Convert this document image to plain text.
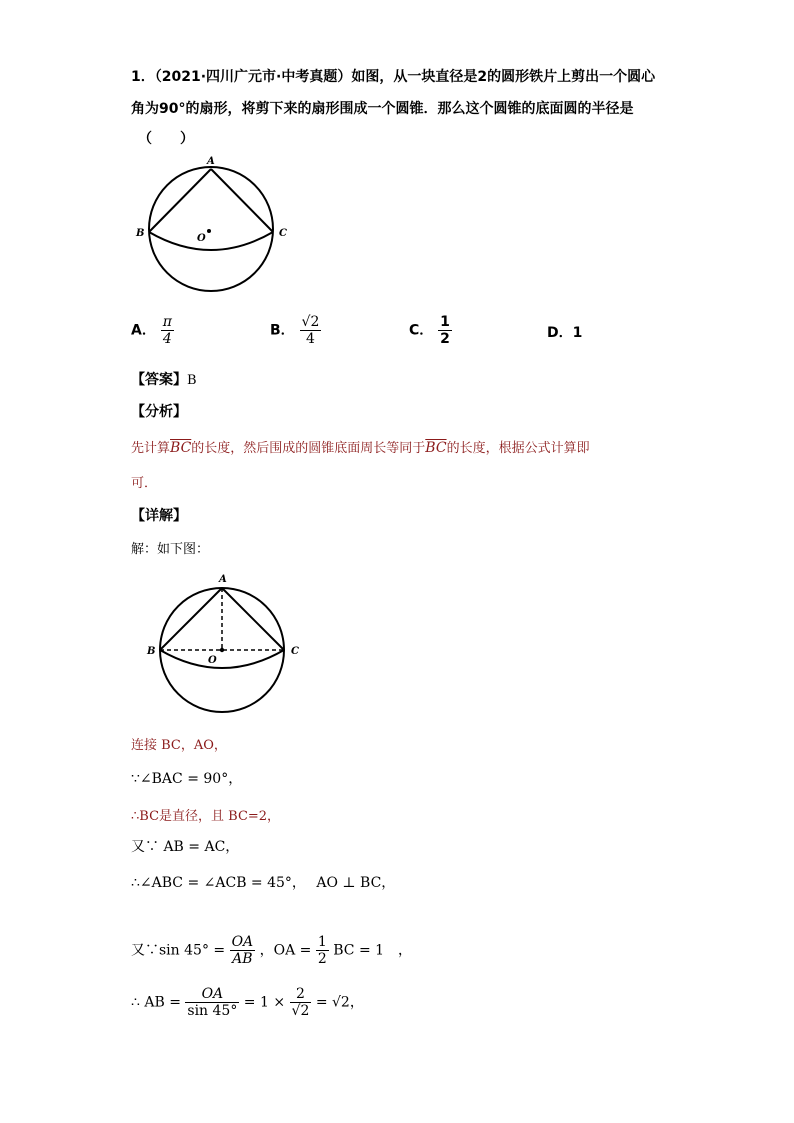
1．（2021·四川广元市·中考真题）如图，从一块直径是2的圆形铁片上剪出一个圆心
角为90°的扇形，将剪下来的扇形围成一个圆锥．那么这个圆锥的底面圆的半径是
（　　）
A
B	C
O
A． $\frac{\pi}{4}$	B． $\frac{√2}{4}$	C． $\frac{1}{2}$	D．1
【答案】B
【分析】
先计算$\overline{BC}$的长度，然后围成的圆锥底面周长等同于$\overline{BC}$的长度，根据公式计算即
可．
【详解】
解：如下图：
A
B	C
O
连接 BC，AO，
∵∠BAC = 90°，
∴BC是直径，且 BC=2，
又∵ AB = AC，
∴∠ABC = ∠ACB = 45°， AO ⊥ BC，
又∵sin $45^\circ = \frac{OA}{AB}$ ，OA = $\frac{1}{2}$ BC = 1　，
∴ AB = $\frac{OA}{\sin 45^\circ} = 1 \times \frac{2}{√2} = √2$，
